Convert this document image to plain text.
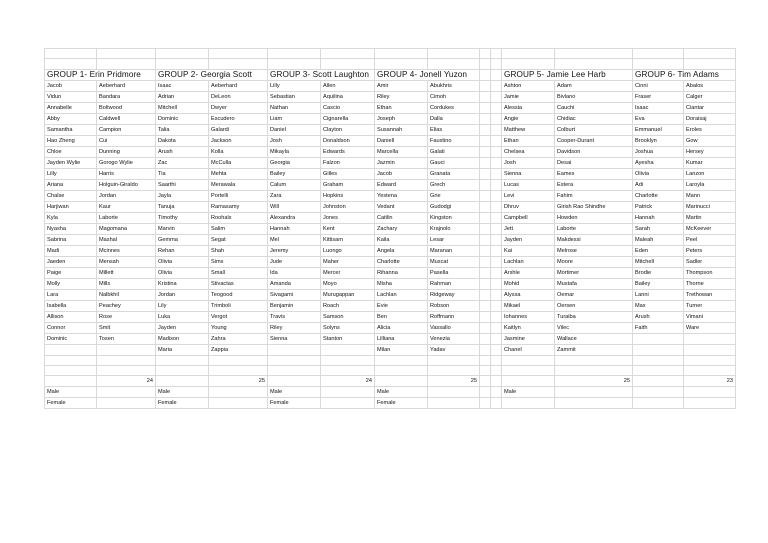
GROUP 1- Erin Pridmore		GROUP 2- Georgia Scott		GROUP 3- Scott Laughton		GROUP 4- Jonell Yuzon				GROUP 5- Jamie Lee Harb		GROUP 6- Tim Adams	
Jacob	Aeberhard	Isaac	Aeberhard	Lilly	Allen	Amir	Abukhris			Ashton	Adam	Cinni	Abalos
Vidun	Bandara	Adrian	DeLeon	Sebastian	Aquilina	Riley	Cimoh			Jamie	Bivlano	Fraser	Calger
Annabelle	Boltwood	Mitchell	Dwyer	Nathan	Cascio	Ethan	Cordukes			Alessia	Cauchi	Isaac	Ciantar
Abby	Caldwell	Dominic	Escudero	Liam	Cignarella	Joseph	Dalla			Angie	Chidiac	Eva	Doraisaj
Samantha	Campion	Talia	Galardi	Daniel	Clayton	Susannah	Elias			Matthew	Colburt	Emmanuel	Eroles
Hao Zheng	Cui	Dakota	Jackson	Josh	Donaldson	Daniell	Faustino			Ethan	Cooper-Durant	Brooklyn	Gow
Chloe	Dunning	Arush	Kolla	Mikayla	Edwards	Marcella	Galati			Chelsea	Davidson	Joshua	Hersey
Jayden Wylie	Gorogo Wylie	Zac	McCulla	Georgia	Falzon	Jazmin	Gauci			Josh	Desai	Ayesha	Kumar
Lilly	Harris	Tia	Mehta	Bailey	Gilles	Jacob	Granata			Sienna	Eames	Olivia	Lanzon
Ariana	Holguin-Giraldo	Saarthi	Merawala	Calum	Graham	Edward	Grech			Lucas	Estera	Adi	Laroyla
Chalse	Jordan	Jayla	Portelli	Zara	Hopkins	Yestena	Grie			Levi	Fahim	Charlotte	Mann
Harjiwan	Kaur	Tanuja	Ramasamy	Will	Johnston	Vedant	Gudodgi			Dhruv	Girish Rao Shindhe	Patrick	Marinucci
Kyla	Laborte	Timothy	Roohalx	Alexandra	Jones	Caitlin	Kingston			Campbell	Howden	Hannah	Martin
Nyasha	Magomana	Marvin	Salim	Hannah	Kent	Zachary	Krajnolo			Jett	Laborte	Sarah	McKeever
Sabrina	Mashal	Gemma	Segat	Mel	Kittisarn	Kaila	Lesar			Jayden	Makdessi	Maleah	Peel
Madi	Mcinnes	Rehan	Shah	Jeremy	Luongo	Angela	Maranan			Kai	Melrose	Eden	Peters
Jaeden	Mensah	Olivia	Sims	Jude	Maher	Charlotte	Muscat			Lachlan	Moore	Mitchell	Sadler
Paige	Millett	Olivia	Small	Ida	Mercer	Rihanna	Pasella			Arshle	Mortimer	Brodie	Thompson
Molly	Mills	Kristina	Stivactas	Amanda	Moyo	Misha	Rahman			Mohid	Mustafa	Bailey	Thorne
Lara	Nalbkhil	Jordan	Teogood	Sivagami	Murugappan	Lachlan	Ridgeway			Alyssa	Oemar	Lanni	Trethowan
Isabella	Peachey	Lily	Trimboli	Benjamin	Roach	Evie	Robson			Mikael	Oersen	Max	Turner
Allison	Rose	Luka	Vergot	Travis	Samson	Ben	Roffmann			Iohannes	Turaiba	Arush	Vimani
Connor	Smit	Jayden	Young	Riley	Solyns	Alicia	Vassallo			Kaitlyn	Vilec	Faith	Ware
Dominic	Tosen	Madison	Zahra	Sienna	Stanton	Lilliana	Venezia			Jasmine	Wallace		
		Maria	Zappia			Milan	Yadav			Chanel	Zammit		

	24		25		24		25				25		23
Male		Male		Male		Male				Male			
Female		Female		Female		Female							
